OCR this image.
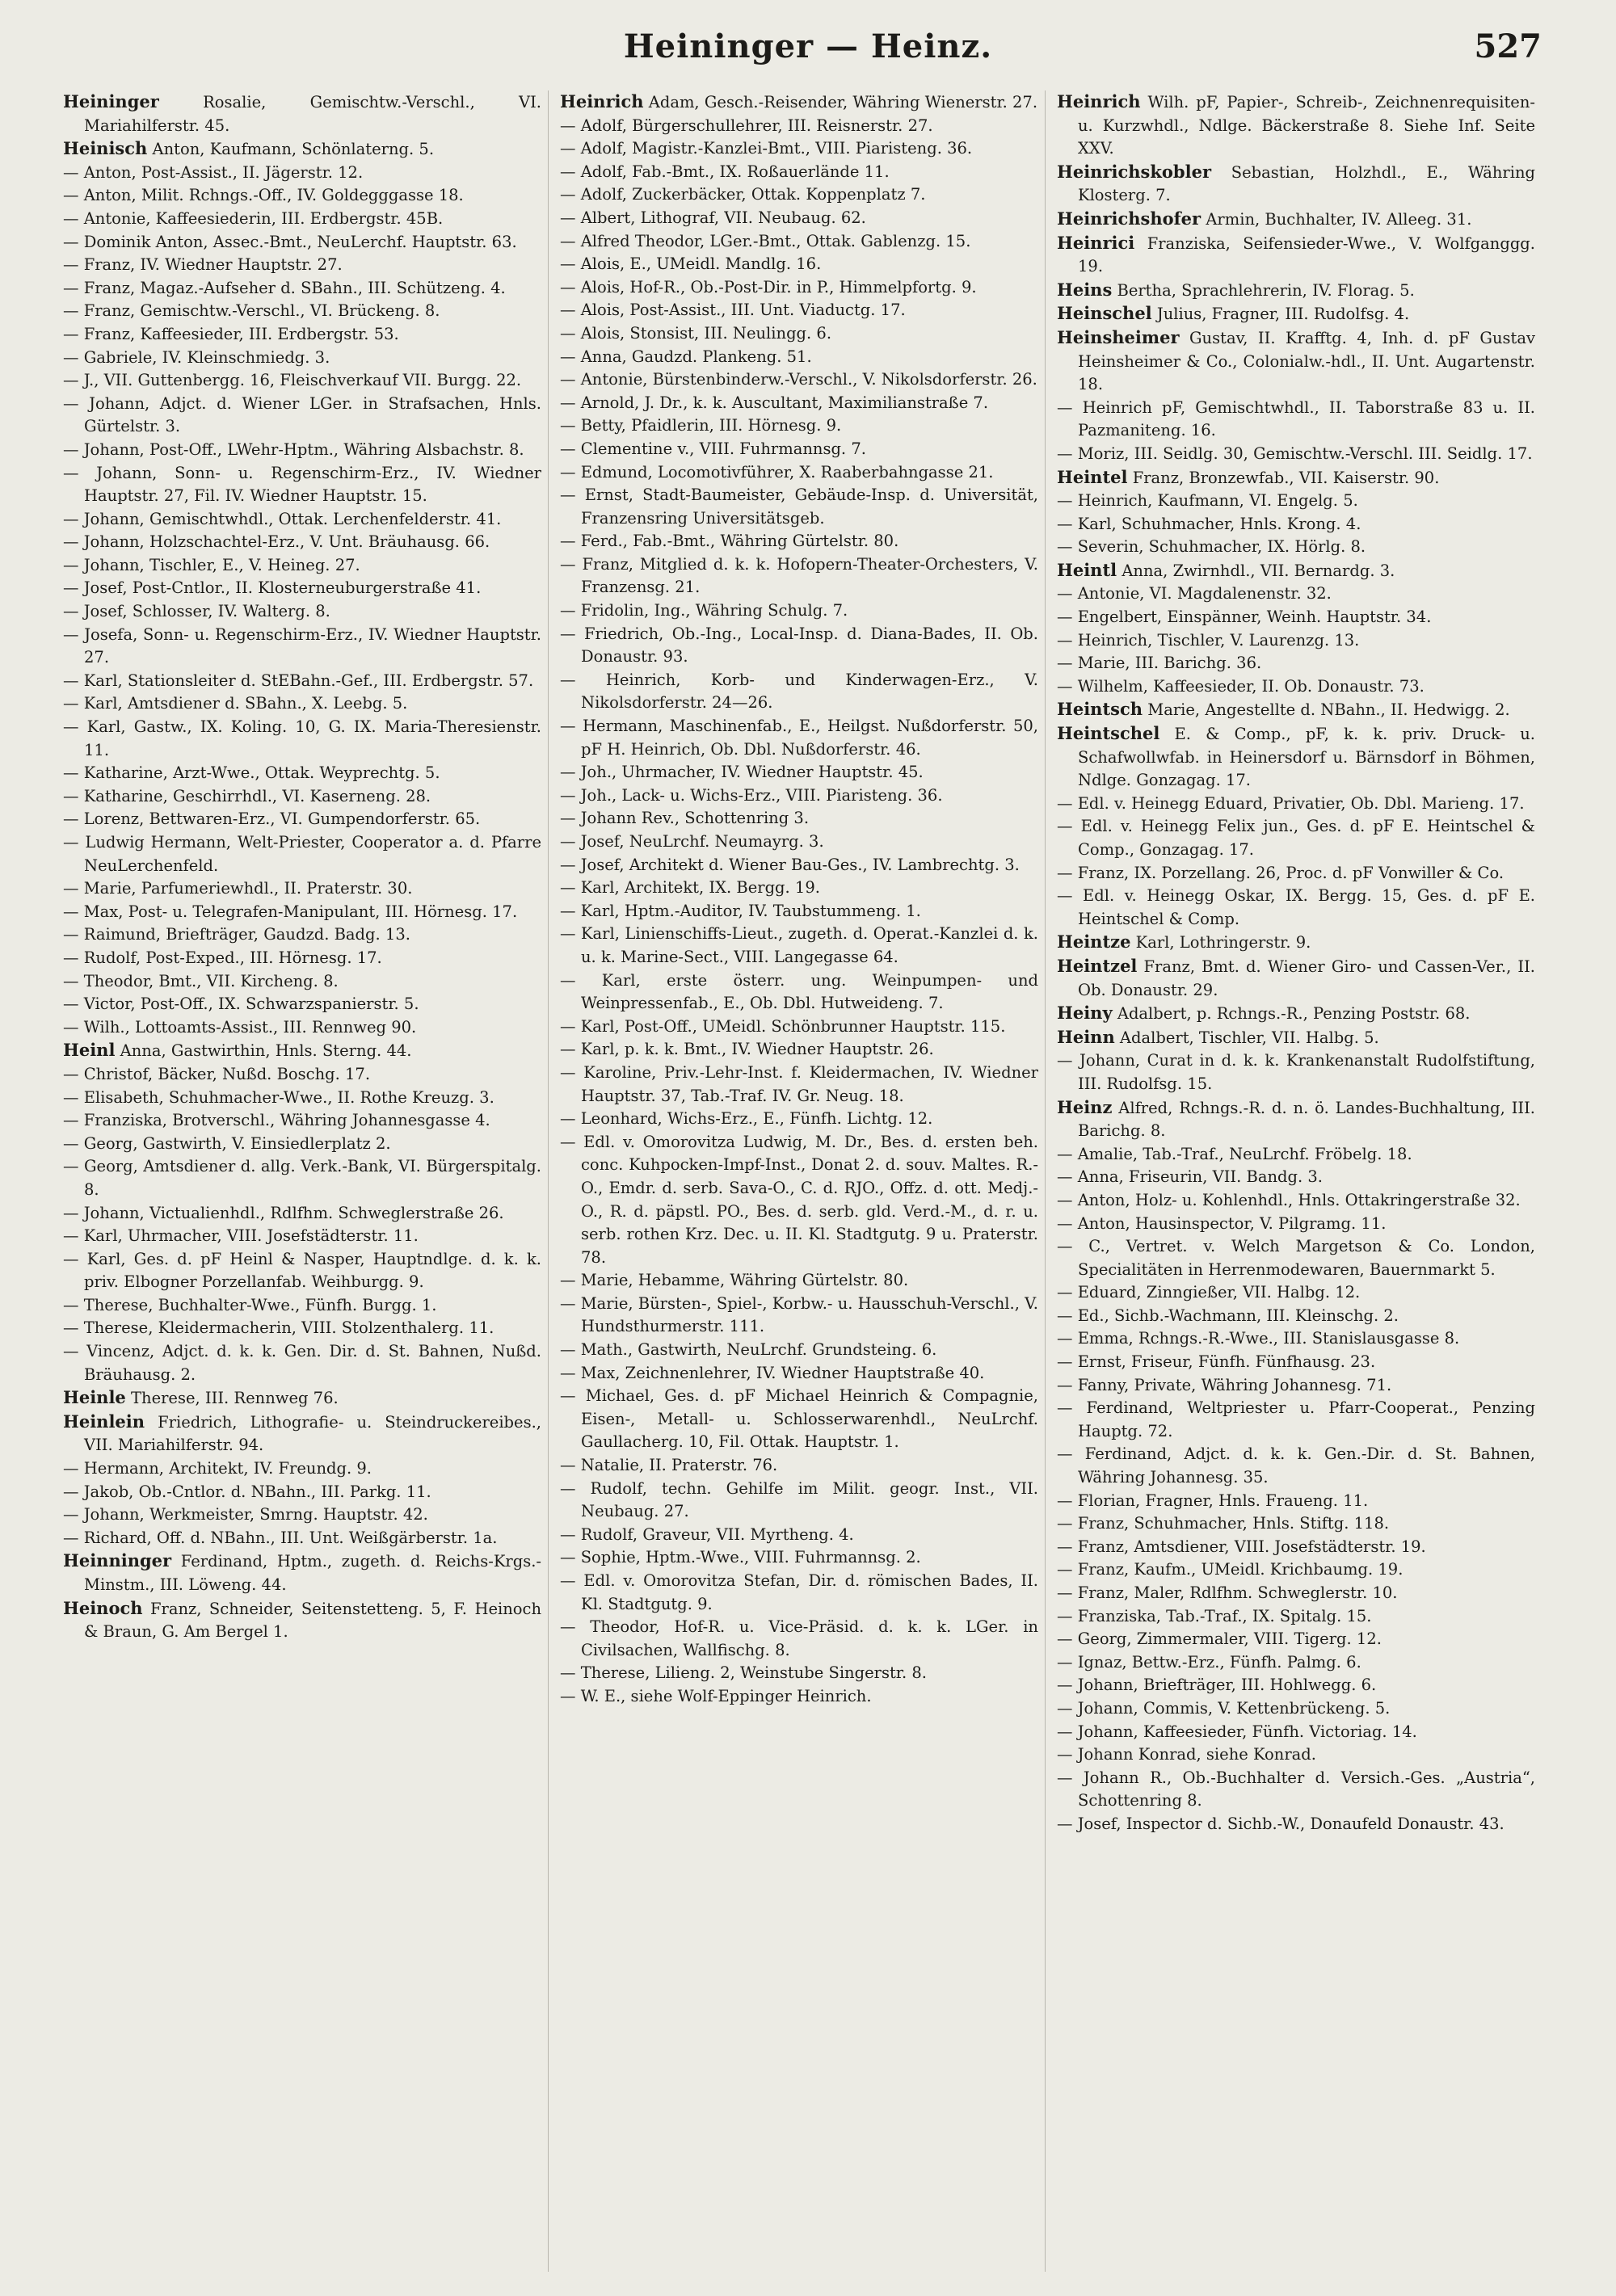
Heininger — Heinz.	527
Heininger	Rosalie, Gemischtw.-Verschl., VI. Mariahilferstr. 45.
Heinisch Anton, Kaufmann, Schönlaterng. 5.
— Anton, Post-Assist., II. Jägerstr. 12.
— Anton, Milit. Rchngs.-Off., IV. Goldegggasse 18.
— Antonie, Kaffeesiederin, III. Erdbergstr. 45B.
— Dominik Anton, Assec.-Bmt., NeuLerchf. Hauptstr. 63.
— Franz, IV. Wiedner Hauptstr. 27.
— Franz, Magaz.-Aufseher d. SBahn., III. Schützeng. 4.
— Franz, Gemischtw.-Verschl., VI. Brückeng. 8.
— Franz, Kaffeesieder, III. Erdbergstr. 53.
— Gabriele, IV. Kleinschmiedg. 3.
— J., VII. Guttenbergg. 16, Fleischverkauf VII. Burgg. 22.
— Johann, Adjct. d. Wiener LGer. in Strafsachen, Hnls. Gürtelstr. 3.
— Johann, Post-Off., LWehr-Hptm., Währing Alsbachstr. 8.
— Johann, Sonn- u. Regenschirm-Erz., IV. Wiedner Hauptstr. 27, Fil. IV. Wiedner Hauptstr. 15.
— Johann, Gemischtwhdl., Ottak. Lerchenfelderstr. 41.
— Johann, Holzschachtel-Erz., V. Unt. Bräuhausg. 66.
— Johann, Tischler, E., V. Heineg. 27.
— Josef, Post-Cntlor., II. Klosterneuburgerstraße 41.
— Josef, Schlosser, IV. Walterg. 8.
— Josefa, Sonn- u. Regenschirm-Erz., IV. Wiedner Hauptstr. 27.
— Karl, Stationsleiter d. StEBahn.-Gef., III. Erdbergstr. 57.
— Karl, Amtsdiener d. SBahn., X. Leebg. 5.
— Karl, Gastw., IX. Koling. 10, G. IX. Maria-Theresienstr. 11.
— Katharine, Arzt-Wwe., Ottak. Weyprechtg. 5.
— Katharine, Geschirrhdl., VI. Kaserneng. 28.
— Lorenz, Bettwaren-Erz., VI. Gumpendorferstr. 65.
— Ludwig Hermann, Welt-Priester, Cooperator a. d. Pfarre NeuLerchenfeld.
— Marie, Parfumeriewhdl., II. Praterstr. 30.
— Max, Post- u. Telegrafen-Manipulant, III. Hörnesg. 17.
— Raimund, Briefträger, Gaudzd. Badg. 13.
— Rudolf, Post-Exped., III. Hörnesg. 17.
— Theodor, Bmt., VII. Kircheng. 8.
— Victor, Post-Off., IX. Schwarzspanierstr. 5.
— Wilh., Lottoamts-Assist., III. Rennweg 90.
Heinl Anna, Gastwirthin, Hnls. Sterng. 44.
— Christof, Bäcker, Nußd. Boschg. 17.
— Elisabeth, Schuhmacher-Wwe., II. Rothe Kreuzg. 3.
— Franziska, Brotverschl., Währing Johannesgasse 4.
— Georg, Gastwirth, V. Einsiedlerplatz 2.
— Georg, Amtsdiener d. allg. Verk.-Bank, VI. Bürgerspitalg. 8.
— Johann, Victualienhdl., Rdlfhm. Schweglerstraße 26.
— Karl, Uhrmacher, VIII. Josefstädterstr. 11.
— Karl, Ges. d. pF Heinl & Nasper, Hauptndlge. d. k. k. priv. Elbogner Porzellanfab. Weihburgg. 9.
— Therese, Buchhalter-Wwe., Fünfh. Burgg. 1.
— Therese, Kleidermacherin, VIII. Stolzenthalerg. 11.
— Vincenz, Adjct. d. k. k. Gen. Dir. d. St. Bahnen, Nußd. Bräuhausg. 2.
Heinle Therese, III. Rennweg 76.
Heinlein Friedrich, Lithografie- u. Steindruckereibes., VII. Mariahilferstr. 94.
— Hermann, Architekt, IV. Freundg. 9.
— Jakob, Ob.-Cntlor. d. NBahn., III. Parkg. 11.
— Johann, Werkmeister, Smrng. Hauptstr. 42.
— Richard, Off. d. NBahn., III. Unt. Weißgärberstr. 1a.
Heinninger Ferdinand, Hptm., zugeth. d. Reichs-Krgs.-Minstm., III. Löweng. 44.
Heinoch Franz, Schneider, Seitenstetteng. 5, F. Heinoch & Braun, G. Am Bergel 1.
Heinrich Adam, Gesch.-Reisender, Währing Wienerstr. 27.
— Adolf, Bürgerschullehrer, III. Reisnerstr. 27.
— Adolf, Magistr.-Kanzlei-Bmt., VIII. Piaristeng. 36.
— Adolf, Fab.-Bmt., IX. Roßauerlände 11.
— Adolf, Zuckerbäcker, Ottak. Koppenplatz 7.
— Albert, Lithograf, VII. Neubaug. 62.
— Alfred Theodor, LGer.-Bmt., Ottak. Gablenzg. 15.
— Alois, E., UMeidl. Mandlg. 16.
— Alois, Hof-R., Ob.-Post-Dir. in P., Himmelpfortg. 9.
— Alois, Post-Assist., III. Unt. Viaductg. 17.
— Alois, Stonsist, III. Neulingg. 6.
— Anna, Gaudzd. Plankeng. 51.
— Antonie, Bürstenbinderw.-Verschl., V. Nikolsdorferstr. 26.
— Arnold, J. Dr., k. k. Auscultant, Maximilianstraße 7.
— Betty, Pfaidlerin, III. Hörnesg. 9.
— Clementine v., VIII. Fuhrmannsg. 7.
— Edmund, Locomotivführer, X. Raaberbahngasse 21.
— Ernst, Stadt-Baumeister, Gebäude-Insp. d. Universität, Franzensring Universitätsgeb.
— Ferd., Fab.-Bmt., Währing Gürtelstr. 80.
— Franz, Mitglied d. k. k. Hofopern-Theater-Orchesters, V. Franzensg. 21.
— Fridolin, Ing., Währing Schulg. 7.
— Friedrich, Ob.-Ing., Local-Insp. d. Diana-Bades, II. Ob. Donaustr. 93.
— Heinrich, Korb- und Kinderwagen-Erz., V. Nikolsdorferstr. 24—26.
— Hermann, Maschinenfab., E., Heilgst. Nußdorferstr. 50, pF H. Heinrich, Ob. Dbl. Nußdorferstr. 46.
— Joh., Uhrmacher, IV. Wiedner Hauptstr. 45.
— Joh., Lack- u. Wichs-Erz., VIII. Piaristeng. 36.
— Johann Rev., Schottenring 3.
— Josef, NeuLrchf. Neumayrg. 3.
— Josef, Architekt d. Wiener Bau-Ges., IV. Lambrechtg. 3.
— Karl, Architekt, IX. Bergg. 19.
— Karl, Hptm.-Auditor, IV. Taubstummeng. 1.
— Karl, Linienschiffs-Lieut., zugeth. d. Operat.-Kanzlei d. k. u. k. Marine-Sect., VIII. Langegasse 64.
— Karl, erste österr. ung. Weinpumpen- und Weinpressenfab., E., Ob. Dbl. Hutweideng. 7.
— Karl, Post-Off., UMeidl. Schönbrunner Hauptstr. 115.
— Karl, p. k. k. Bmt., IV. Wiedner Hauptstr. 26.
— Karoline, Priv.-Lehr-Inst. f. Kleidermachen, IV. Wiedner Hauptstr. 37, Tab.-Traf. IV. Gr. Neug. 18.
— Leonhard, Wichs-Erz., E., Fünfh. Lichtg. 12.
— Edl. v. Omorovitza Ludwig, M. Dr., Bes. d. ersten beh. conc. Kuhpocken-Impf-Inst., Donat 2. d. souv. Maltes. R.-O., Emdr. d. serb. Sava-O., C. d. RJO., Offz. d. ott. Medj.-O., R. d. päpstl. PO., Bes. d. serb. gld. Verd.-M., d. r. u. serb. rothen Krz. Dec. u. II. Kl. Stadtgutg. 9 u. Praterstr. 78.
— Marie, Hebamme, Währing Gürtelstr. 80.
— Marie, Bürsten-, Spiel-, Korbw.- u. Hausschuh-Verschl., V. Hundsthurmerstr. 111.
— Math., Gastwirth, NeuLrchf. Grundsteing. 6.
— Max, Zeichnenlehrer, IV. Wiedner Hauptstraße 40.
— Michael, Ges. d. pF Michael Heinrich & Compagnie, Eisen-, Metall- u. Schlosserwarenhdl., NeuLrchf. Gaullacherg. 10, Fil. Ottak. Hauptstr. 1.
— Natalie, II. Praterstr. 76.
— Rudolf, techn. Gehilfe im Milit. geogr. Inst., VII. Neubaug. 27.
— Rudolf, Graveur, VII. Myrtheng. 4.
— Sophie, Hptm.-Wwe., VIII. Fuhrmannsg. 2.
— Edl. v. Omorovitza Stefan, Dir. d. römischen Bades, II. Kl. Stadtgutg. 9.
— Theodor, Hof-R. u. Vice-Präsid. d. k. k. LGer. in Civilsachen, Wallfischg. 8.
— Therese, Lilieng. 2, Weinstube Singerstr. 8.
— W. E., siehe Wolf-Eppinger Heinrich.
Heinrich Wilh. pF, Papier-, Schreib-, Zeichnenrequisiten- u. Kurzwhdl., Ndlge. Bäckerstraße 8. Siehe Inf. Seite XXV.
Heinrichskobler Sebastian, Holzhdl., E., Währing Klosterg. 7.
Heinrichshofer Armin, Buchhalter, IV. Alleeg. 31.
Heinrici Franziska, Seifensieder-Wwe., V. Wolfganggg. 19.
Heins Bertha, Sprachlehrerin, IV. Florag. 5.
Heinschel Julius, Fragner, III. Rudolfsg. 4.
Heinsheimer Gustav, II. Krafftg. 4, Inh. d. pF Gustav Heinsheimer & Co., Colonialw.-hdl., II. Unt. Augartenstr. 18.
— Heinrich pF, Gemischtwhdl., II. Taborstraße 83 u. II. Pazmaniteng. 16.
— Moriz, III. Seidlg. 30, Gemischtw.-Verschl. III. Seidlg. 17.
Heintel Franz, Bronzewfab., VII. Kaiserstr. 90.
— Heinrich, Kaufmann, VI. Engelg. 5.
— Karl, Schuhmacher, Hnls. Krong. 4.
— Severin, Schuhmacher, IX. Hörlg. 8.
Heintl Anna, Zwirnhdl., VII. Bernardg. 3.
— Antonie, VI. Magdalenenstr. 32.
— Engelbert, Einspänner, Weinh. Hauptstr. 34.
— Heinrich, Tischler, V. Laurenzg. 13.
— Marie, III. Barichg. 36.
— Wilhelm, Kaffeesieder, II. Ob. Donaustr. 73.
Heintsch Marie, Angestellte d. NBahn., II. Hedwigg. 2.
Heintschel E. & Comp., pF, k. k. priv. Druck- u. Schafwollwfab. in Heinersdorf u. Bärnsdorf in Böhmen, Ndlge. Gonzagag. 17.
— Edl. v. Heinegg Eduard, Privatier, Ob. Dbl. Marieng. 17.
— Edl. v. Heinegg Felix jun., Ges. d. pF E. Heintschel & Comp., Gonzagag. 17.
— Franz, IX. Porzellang. 26, Proc. d. pF Vonwiller & Co.
— Edl. v. Heinegg Oskar, IX. Bergg. 15, Ges. d. pF E. Heintschel & Comp.
Heintze Karl, Lothringerstr. 9.
Heintzel Franz, Bmt. d. Wiener Giro- und Cassen-Ver., II. Ob. Donaustr. 29.
Heiny Adalbert, p. Rchngs.-R., Penzing Poststr. 68.
Heinn Adalbert, Tischler, VII. Halbg. 5.
— Johann, Curat in d. k. k. Krankenanstalt Rudolfstiftung, III. Rudolfsg. 15.
Heinz Alfred, Rchngs.-R. d. n. ö. Landes-Buchhaltung, III. Barichg. 8.
— Amalie, Tab.-Traf., NeuLrchf. Fröbelg. 18.
— Anna, Friseurin, VII. Bandg. 3.
— Anton, Holz- u. Kohlenhdl., Hnls. Ottakringerstraße 32.
— Anton, Hausinspector, V. Pilgramg. 11.
— C., Vertret. v. Welch Margetson & Co. London, Specialitäten in Herrenmodewaren, Bauernmarkt 5.
— Eduard, Zinngießer, VII. Halbg. 12.
— Ed., Sichb.-Wachmann, III. Kleinschg. 2.
— Emma, Rchngs.-R.-Wwe., III. Stanislausgasse 8.
— Ernst, Friseur, Fünfh. Fünfhausg. 23.
— Fanny, Private, Währing Johannesg. 71.
— Ferdinand, Weltpriester u. Pfarr-Cooperat., Penzing Hauptg. 72.
— Ferdinand, Adjct. d. k. k. Gen.-Dir. d. St. Bahnen, Währing Johannesg. 35.
— Florian, Fragner, Hnls. Fraueng. 11.
— Franz, Schuhmacher, Hnls. Stiftg. 118.
— Franz, Amtsdiener, VIII. Josefstädterstr. 19.
— Franz, Kaufm., UMeidl. Krichbaumg. 19.
— Franz, Maler, Rdlfhm. Schweglerstr. 10.
— Franziska, Tab.-Traf., IX. Spitalg. 15.
— Georg, Zimmermaler, VIII. Tigerg. 12.
— Ignaz, Bettw.-Erz., Fünfh. Palmg. 6.
— Johann, Briefträger, III. Hohlwegg. 6.
— Johann, Commis, V. Kettenbrückeng. 5.
— Johann, Kaffeesieder, Fünfh. Victoriag. 14.
— Johann Konrad, siehe Konrad.
— Johann R., Ob.-Buchhalter d. Versich.-Ges. „Austria“, Schottenring 8.
— Josef, Inspector d. Sichb.-W., Donaufeld Donaustr. 43.
